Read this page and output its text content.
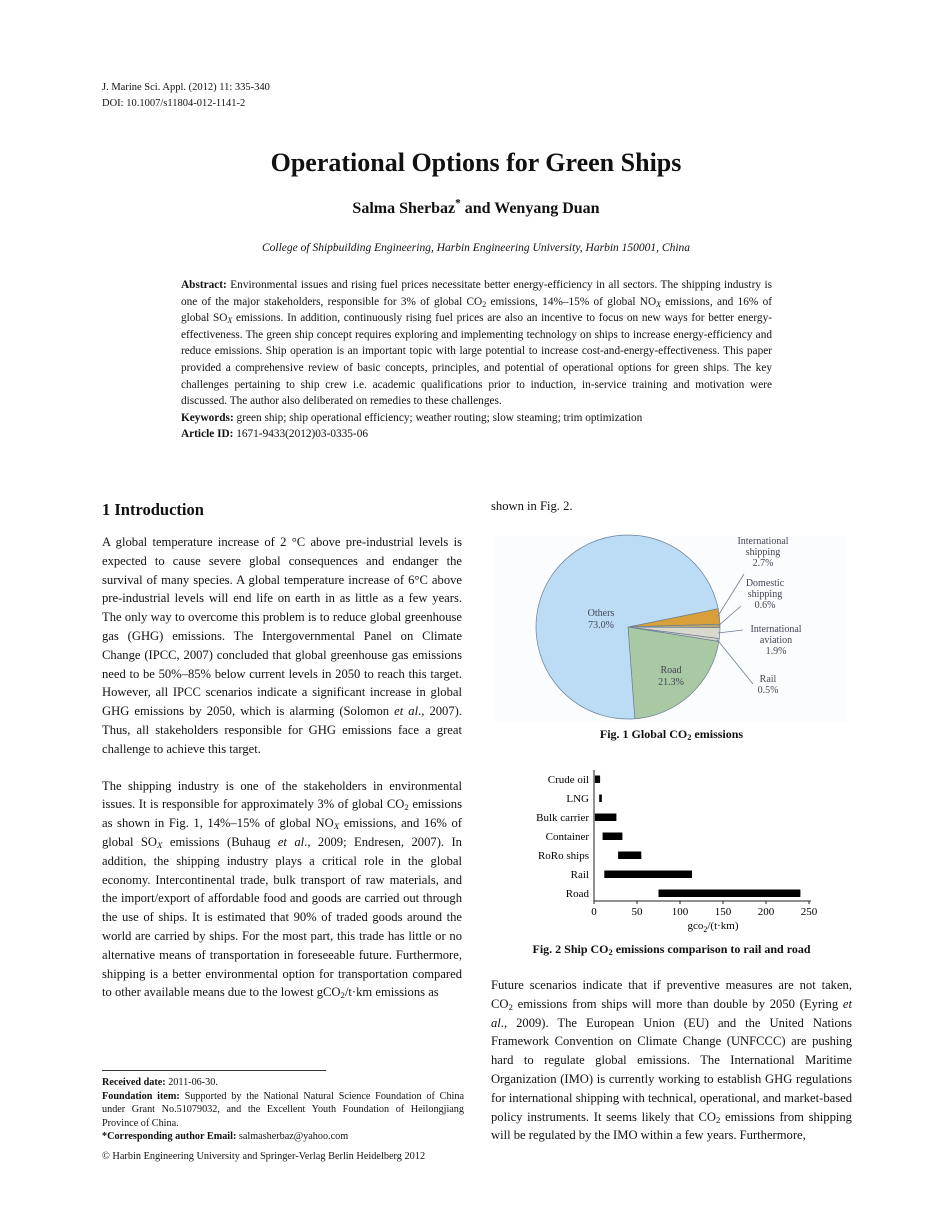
J. Marine Sci. Appl. (2012) 11: 335-340
DOI: 10.1007/s11804-012-1141-2
Operational Options for Green Ships
Salma Sherbaz* and Wenyang Duan
College of Shipbuilding Engineering, Harbin Engineering University, Harbin 150001, China

Abstract: Environmental issues and rising fuel prices necessitate better energy-efficiency in all sectors. The shipping industry is one of the major stakeholders, responsible for 3% of global $CO_2$ emissions, 14%–15% of global $NO_X$ emissions, and 16% of global $SO_X$ emissions. In addition, continuously rising fuel prices are also an incentive to focus on new ways for better energy-effectiveness. The green ship concept requires exploring and implementing technology on ships to increase energy-efficiency and reduce emissions. Ship operation is an important topic with large potential to increase cost-and-energy-effectiveness. This paper provided a comprehensive review of basic concepts, principles, and potential of operational options for green ships. The key challenges pertaining to ship crew i.e. academic qualifications prior to induction, in-service training and motivation were discussed. The author also deliberated on remedies to these challenges.

Keywords: green ship; ship operational efficiency; weather routing; slow steaming; trim optimization

Article ID: 1671-9433(2012)03-0335-06

1 Introduction

A global temperature increase of 2 °C above pre-industrial levels is expected to cause severe global consequences and endanger the survival of many species. A global temperature increase of 6°C above pre-industrial levels will end life on earth in as little as a few years. The only way to overcome this problem is to reduce global greenhouse gas (GHG) emissions. The Intergovernmental Panel on Climate Change (IPCC, 2007) concluded that global greenhouse gas emissions need to be 50%–85% below current levels in 2050 to reach this target. However, all IPCC scenarios indicate a significant increase in global GHG emissions by 2050, which is alarming (Solomon et al., 2007). Thus, all stakeholders responsible for GHG emissions face a great challenge to achieve this target.

The shipping industry is one of the stakeholders in environmental issues. It is responsible for approximately 3% of global $CO_2$ emissions as shown in Fig. 1, 14%–15% of global $NO_X$ emissions, and 16% of global $SO_X$ emissions (Buhaug et al., 2009; Endresen, 2007). In addition, the shipping industry plays a critical role in the global economy. Intercontinental trade, bulk transport of raw materials, and the import/export of affordable food and goods are carried out through the use of ships. It is estimated that 90% of traded goods around the world are carried by ships. For the most part, this trade has little or no alternative means of transportation in foreseeable future. Furthermore, shipping is a better environmental option for transportation compared to other available means due to the lowest gCO$_2$/t·km emissions as

shown in Fig. 2.
Others
73.0%
Road
21.3%
International
shipping
2.7%
Domestic
shipping
0.6%
International
aviation
1.9%
Rail
0.5%
Fig. 1 Global $CO_2$ emissions
Crude oil
LNG
Bulk carrier
Container
RoRo ships
Rail
Road
0	50	100 150 200 250
gco$_2$/(t·km)
Fig. 2 Ship $CO_2$ emissions comparison to rail and road

Future scenarios indicate that if preventive measures are not taken, $CO_2$ emissions from ships will more than double by 2050 (Eyring et al., 2009). The European Union (EU) and the United Nations Framework Convention on Climate Change (UNFCCC) are pushing hard to regulate global emissions. The International Maritime Organization (IMO) is currently working to establish GHG regulations for international shipping with technical, operational, and market-based policy instruments. It seems likely that $CO_2$ emissions from shipping will be regulated by the IMO within a few years. Furthermore,

Received date: 2011-06-30.

Foundation item: Supported by the National Natural Science Foundation of China under Grant No.51079032, and the Excellent Youth Foundation of Heilongjiang Province of China.

*Corresponding author Email: salmasherbaz@yahoo.com

© Harbin Engineering University and Springer-Verlag Berlin Heidelberg 2012
